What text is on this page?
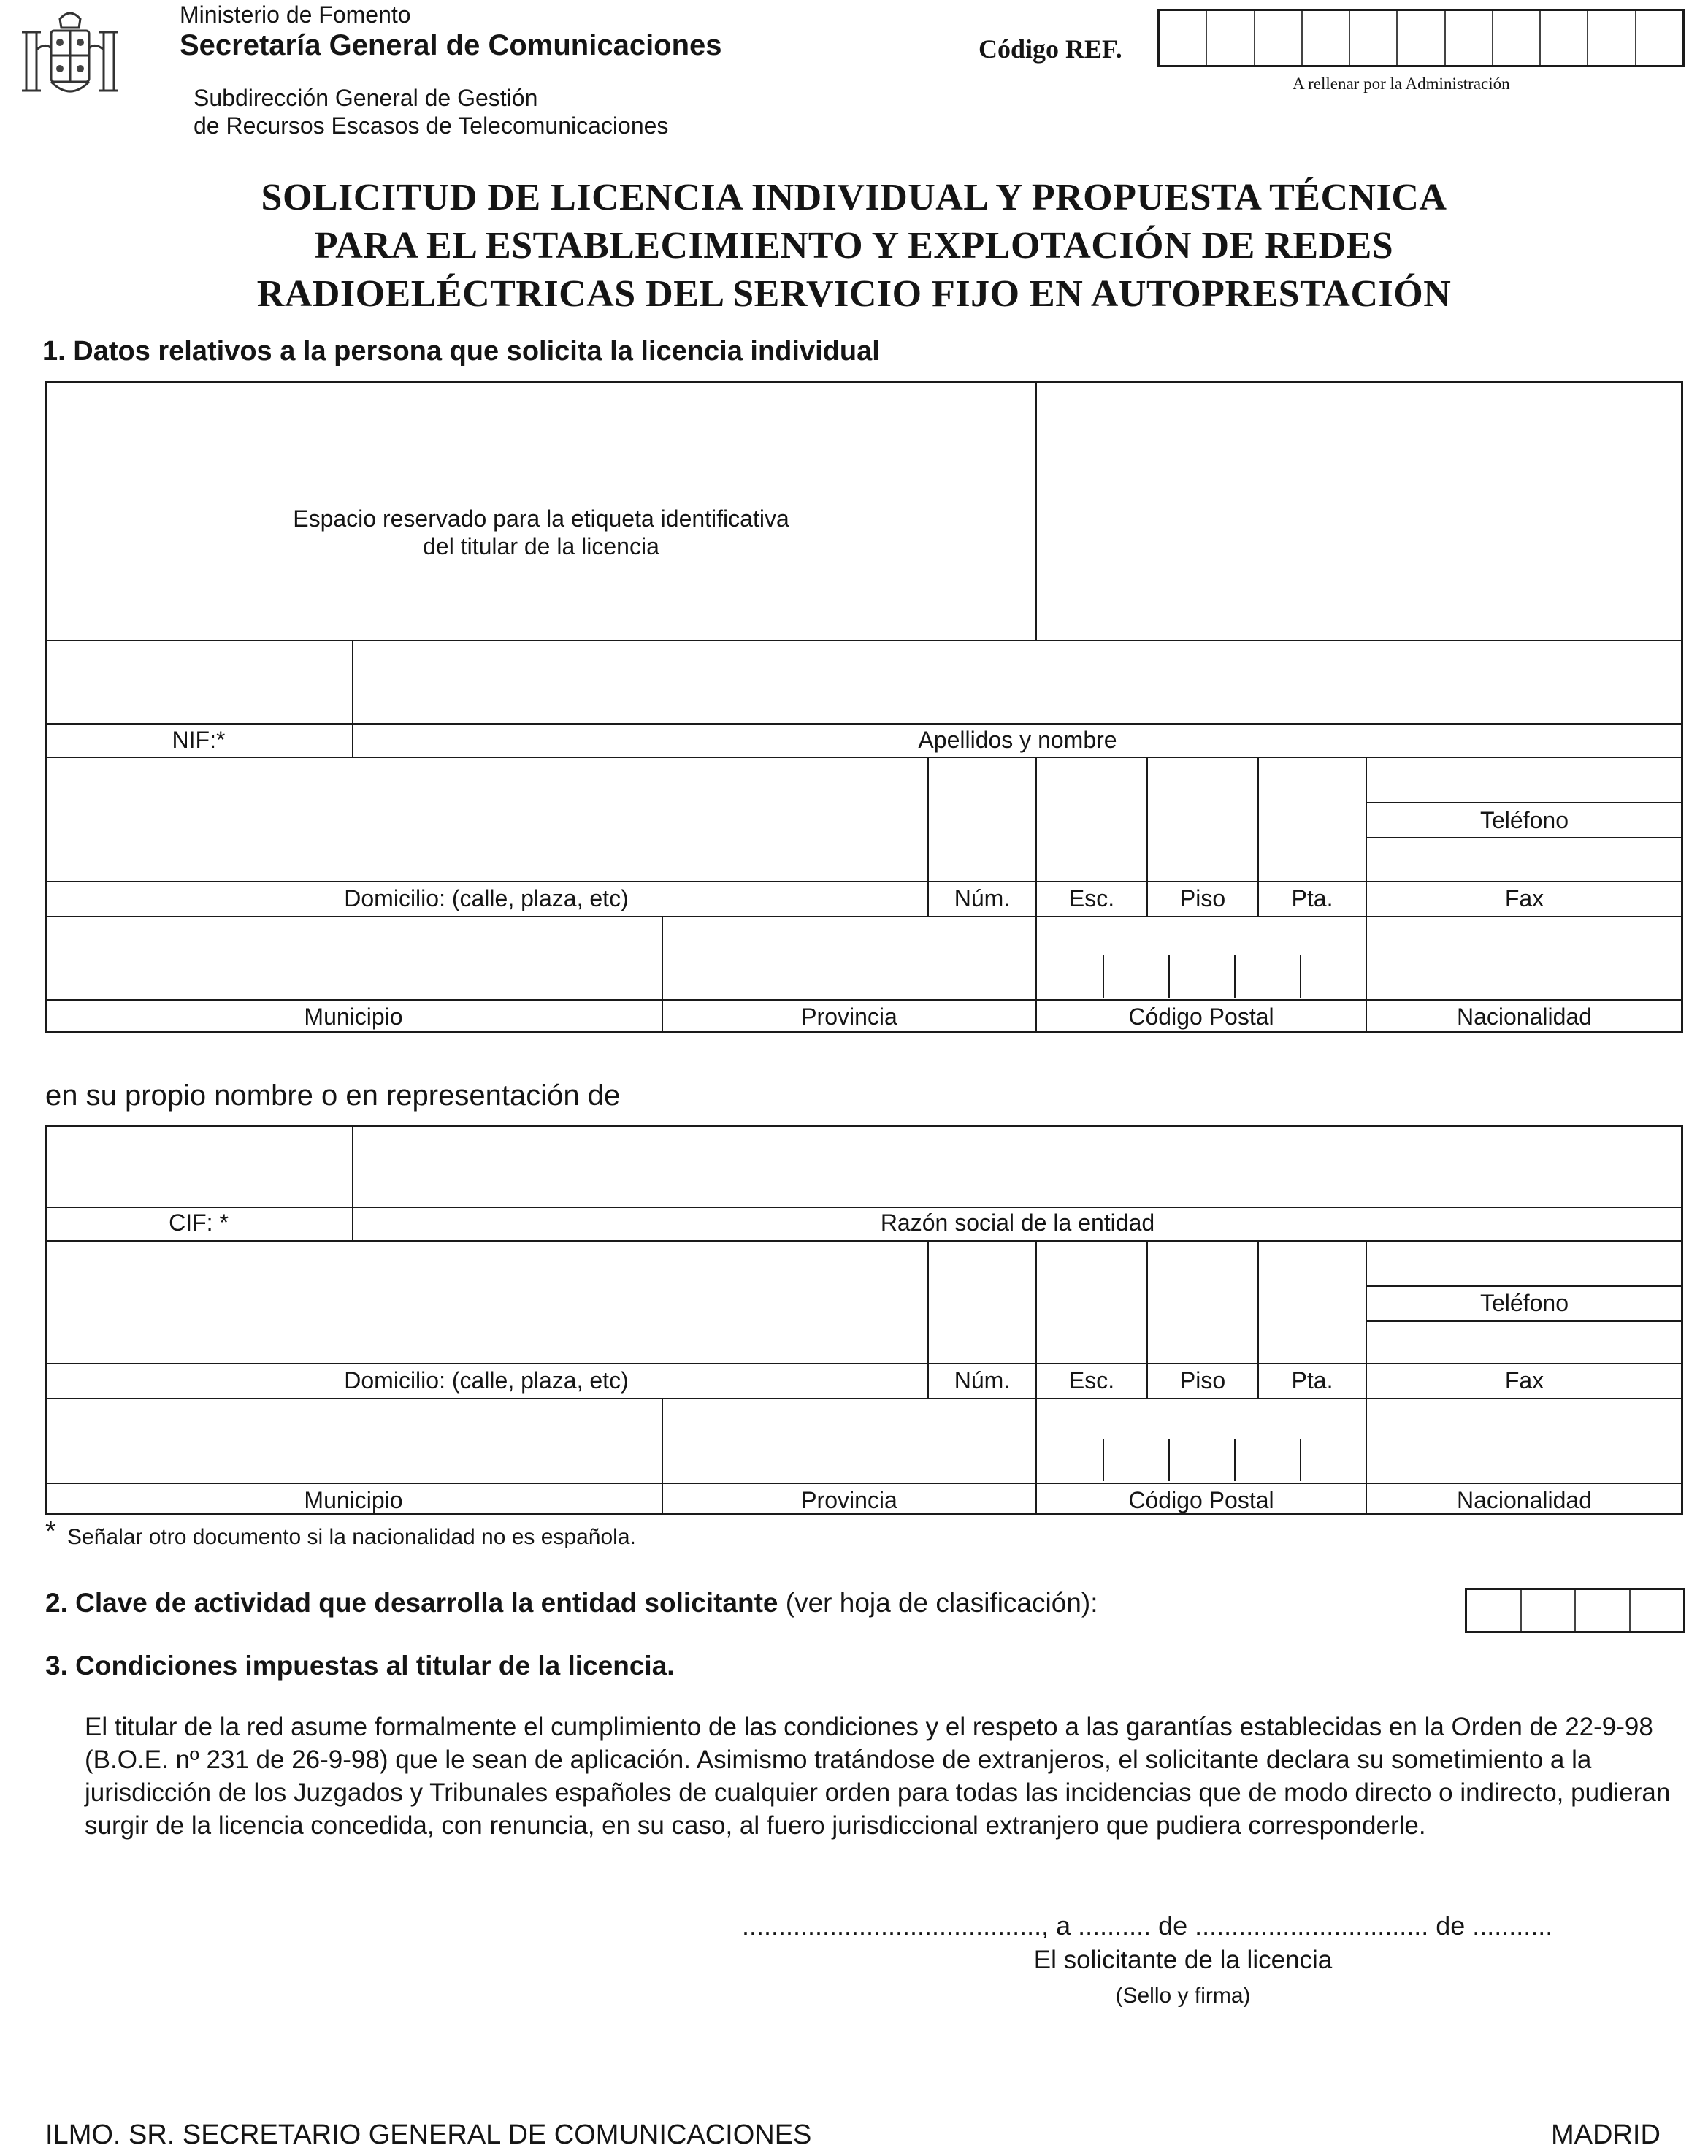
Ministerio de Fomento
Secretaría General de Comunicaciones
Subdirección General de Gestión
de Recursos Escasos de Telecomunicaciones
Código REF.
A rellenar por la Administración
SOLICITUD DE LICENCIA INDIVIDUAL Y PROPUESTA TÉCNICA
PARA EL ESTABLECIMIENTO Y EXPLOTACIÓN DE REDES
RADIOELÉCTRICAS DEL SERVICIO FIJO EN AUTOPRESTACIÓN
1. Datos relativos a la persona que solicita la licencia individual
Espacio reservado para la etiqueta identificativa
del titular de la licencia
NIF:*	Apellidos y nombre
Teléfono
Domicilio: (calle, plaza, etc)	Núm.	Esc.	Piso	Pta.	Fax
Municipio	Provincia	Código Postal	Nacionalidad
en su propio nombre o en representación de
CIF: *	Razón social de la entidad
Teléfono
Domicilio: (calle, plaza, etc)	Núm.	Esc.	Piso	Pta.	Fax
Municipio	Provincia	Código Postal	Nacionalidad
* Señalar otro documento si la nacionalidad no es española.
2. Clave de actividad que desarrolla la entidad solicitante (ver hoja de clasificación):
3. Condiciones impuestas al titular de la licencia.
El titular de la red asume formalmente el cumplimiento de las condiciones y el respeto a las garantías establecidas en la Orden de 22-9-98 (B.O.E. nº 231 de 26-9-98) que le sean de aplicación. Asimismo tratándose de extranjeros, el solicitante declara su sometimiento a la jurisdicción de los Juzgados y Tribunales españoles de cualquier orden para todas las incidencias que de modo directo o indirecto, pudieran surgir de la licencia concedida, con renuncia, en su caso, al fuero jurisdiccional extranjero que pudiera corresponderle.
........................................., a .......... de ................................ de ...........
El solicitante de la licencia
(Sello y firma)
ILMO. SR. SECRETARIO GENERAL DE COMUNICACIONES	MADRID
